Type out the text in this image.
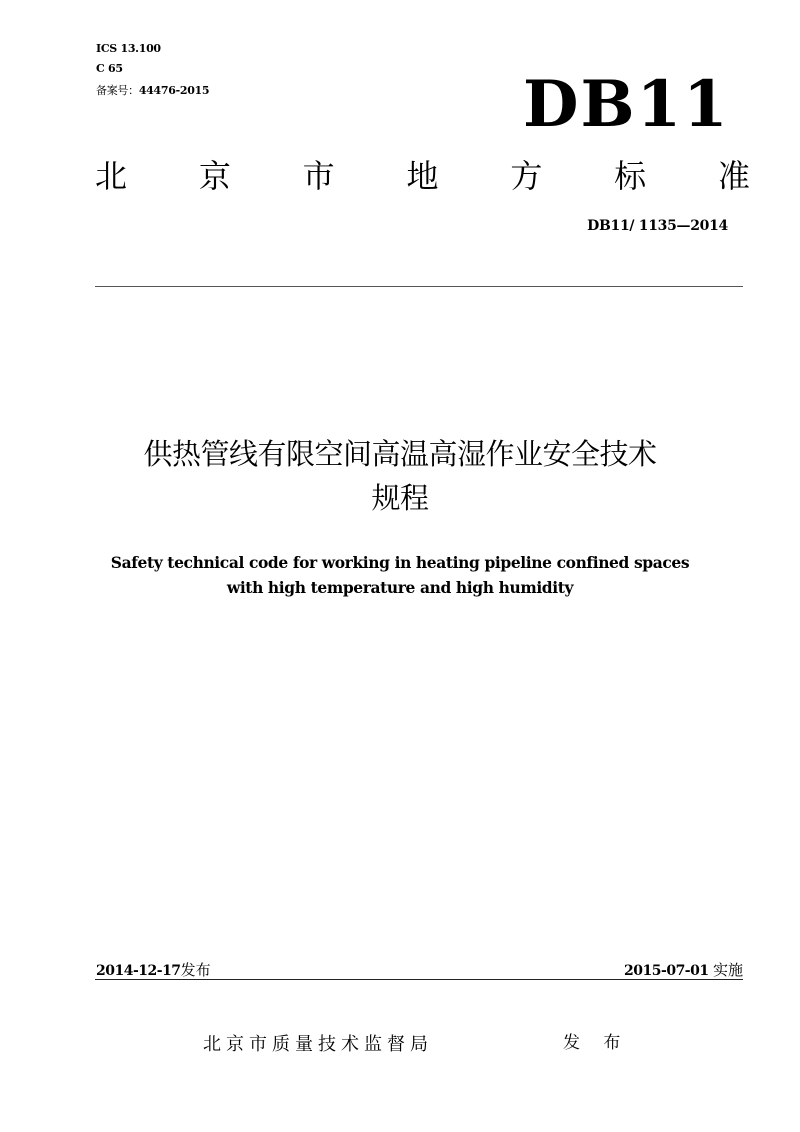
ICS 13.100
C 65
备案号：44476-2015	DB11
北 京 市 地 方 标 准
DB11/ 1135—2014
供热管线有限空间高温高湿作业安全技术
规程
Safety technical code for working in heating pipeline confined spaces
with high temperature and high humidity
2014-12-17发布	2015-07-01 实施
北京市质量技术监督局	发 布
